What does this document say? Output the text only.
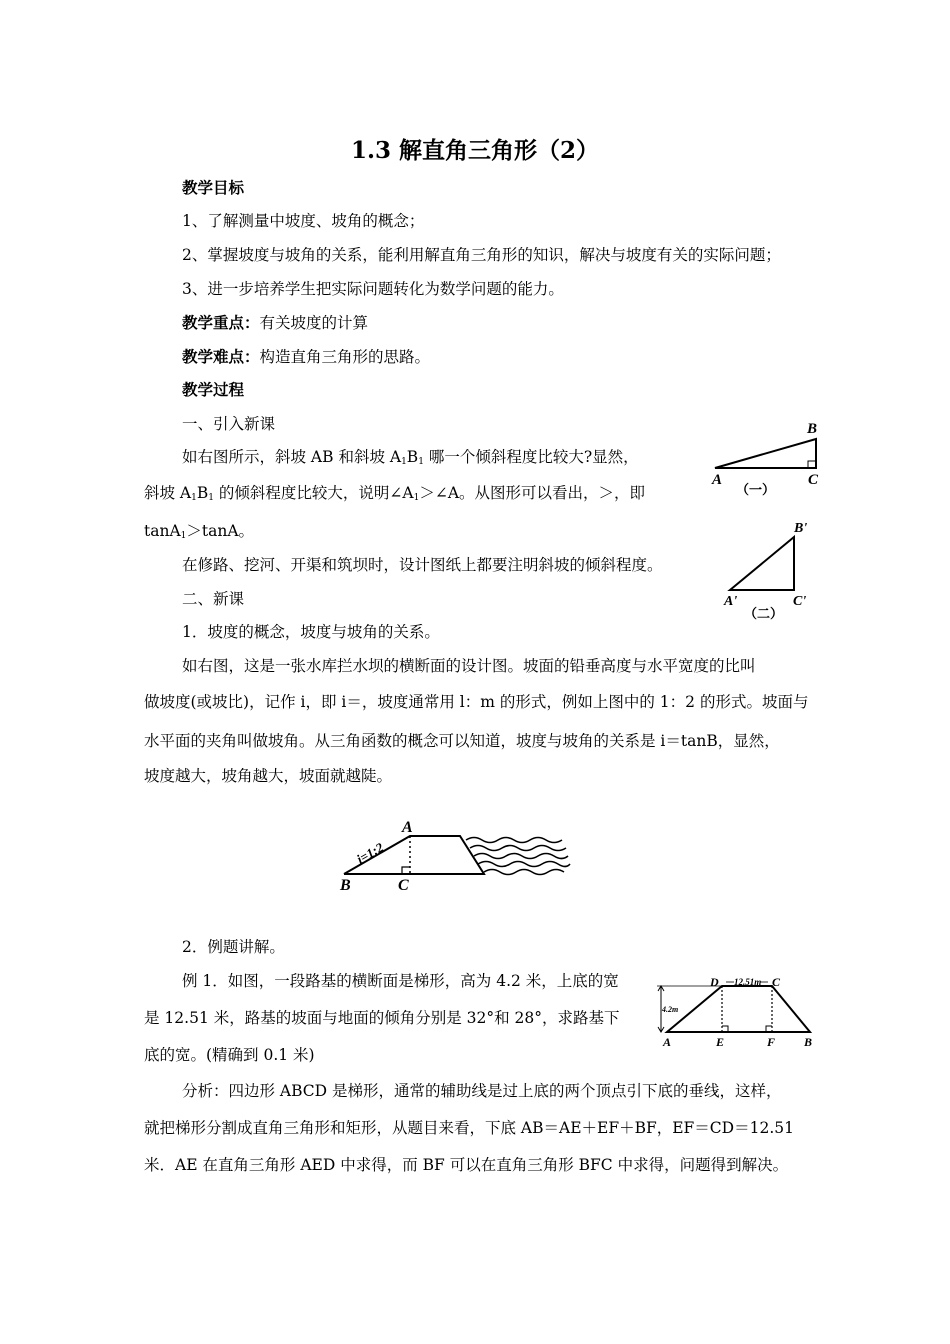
1.3 解直角三角形（2）
教学目标
1、了解测量中坡度、坡角的概念；
2、掌握坡度与坡角的关系，能利用解直角三角形的知识，解决与坡度有关的实际问题；
3、进一步培养学生把实际问题转化为数学问题的能力。
教学重点：有关坡度的计算
教学难点：构造直角三角形的思路。
教学过程
一、引入新课
如右图所示，斜坡 AB 和斜坡 $A_1B_1$ 哪一个倾斜程度比较大?显然，
斜坡 $A_1B_1$ 的倾斜程度比较大，说明$\angle A_1>\angle A$。从图形可以看出，＞，即
tanA$_1$＞tanA。
在修路、挖河、开渠和筑坝时，设计图纸上都要注明斜坡的倾斜程度。
二、新课
1．坡度的概念，坡度与坡角的关系。
如右图，这是一张水库拦水坝的横断面的设计图。坡面的铅垂高度与水平宽度的比叫
做坡度(或坡比)，记作 i，即 i＝，坡度通常用 l：m 的形式，例如上图中的 1：2 的形式。坡面与
水平面的夹角叫做坡角。从三角函数的概念可以知道，坡度与坡角的关系是 i＝tanB，显然，
坡度越大，坡角越大，坡面就越陡。
2．例题讲解。
例 1．如图，一段路基的横断面是梯形，高为 4.2 米，上底的宽
是 12.51 米，路基的坡面与地面的倾角分别是 32°和 28°，求路基下
底的宽。(精确到 0.1 米)
分析：四边形 ABCD 是梯形，通常的辅助线是过上底的两个顶点引下底的垂线，这样，
就把梯形分割成直角三角形和矩形，从题目来看，下底 AB＝AE＋EF＋BF，EF＝CD＝12.51
米．AE 在直角三角形 AED 中求得，而 BF 可以在直角三角形 BFC 中求得，问题得到解决。
B
A	C
（一）
B'
A'	C'
（二）
i=1:2
A
B	C
4.2m
12.51m
D	C
A	E	F B
